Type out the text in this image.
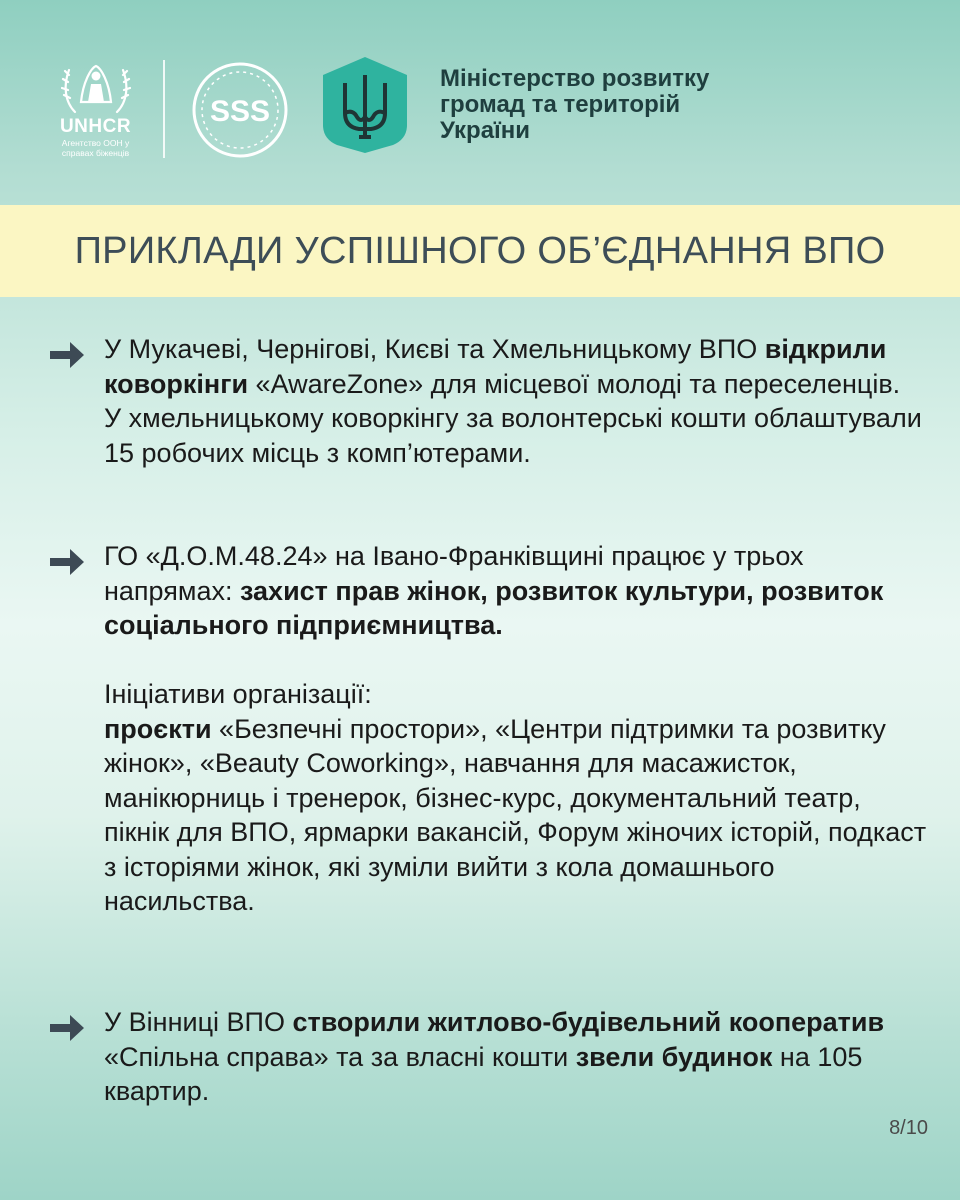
UNHCR
Агентство ООН у
справах біженців
SSS
Міністерство розвитку
громад та територій
України
ПРИКЛАДИ УСПІШНОГО ОБ’ЄДНАННЯ ВПО

У Мукачеві, Чернігові, Києві та Хмельницькому ВПО відкрили коворкінги «AwareZone» для місцевої молоді та переселенців.

У хмельницькому коворкінгу за волонтерські кошти облаштували 15 робочих місць з комп’ютерами.

ГО «Д.О.М.48.24» на Івано-Франківщині працює у трьох напрямах: захист прав жінок, розвиток культури, розвиток соціального підприємництва.

Ініціативи організації:

проєкти «Безпечні простори», «Центри підтримки та розвитку жінок», «Beauty Coworking», навчання для масажисток, манікюрниць і тренерок, бізнес-курс, документальний театр, пікнік для ВПО, ярмарки вакансій, Форум жіночих історій, подкаст з історіями жінок, які зуміли вийти з кола домашнього насильства.

У Вінниці ВПО створили житлово-будівельний кооператив «Спільна справа» та за власні кошти звели будинок на 105 квартир.

8/10
